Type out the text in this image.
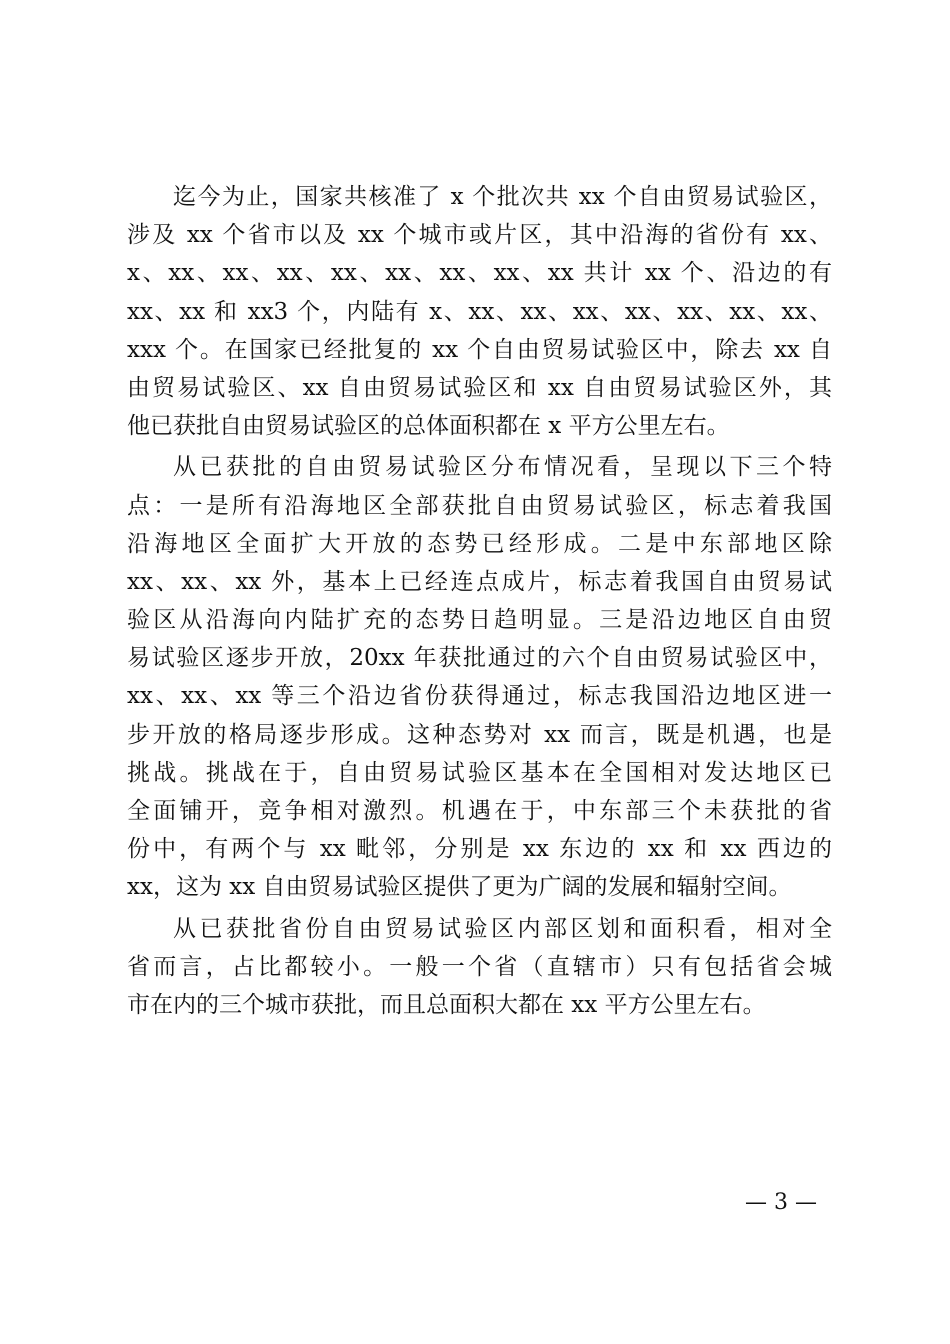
迄今为止，国家共核准了 x 个批次共 xx 个自由贸易试验区，
涉及 xx 个省市以及 xx 个城市或片区，其中沿海的省份有 xx、
x、xx、xx、xx、xx、xx、xx、xx、xx 共计 xx 个、沿边的有
xx、xx 和 xx3 个，内陆有 x、xx、xx、xx、xx、xx、xx、xx、
xxx 个。在国家已经批复的 xx 个自由贸易试验区中，除去 xx 自
由贸易试验区、xx 自由贸易试验区和 xx 自由贸易试验区外，其
他已获批自由贸易试验区的总体面积都在 x 平方公里左右。
从已获批的自由贸易试验区分布情况看，呈现以下三个特
点：一是所有沿海地区全部获批自由贸易试验区，标志着我国
沿海地区全面扩大开放的态势已经形成。二是中东部地区除
xx、xx、xx 外，基本上已经连点成片，标志着我国自由贸易试
验区从沿海向内陆扩充的态势日趋明显。三是沿边地区自由贸
易试验区逐步开放，20xx 年获批通过的六个自由贸易试验区中，
xx、xx、xx 等三个沿边省份获得通过，标志我国沿边地区进一
步开放的格局逐步形成。这种态势对 xx 而言，既是机遇，也是
挑战。挑战在于，自由贸易试验区基本在全国相对发达地区已
全面铺开，竞争相对激烈。机遇在于，中东部三个未获批的省
份中，有两个与 xx 毗邻，分别是 xx 东边的 xx 和 xx 西边的
xx，这为 xx 自由贸易试验区提供了更为广阔的发展和辐射空间。
从已获批省份自由贸易试验区内部区划和面积看，相对全
省而言，占比都较小。一般一个省（直辖市）只有包括省会城
市在内的三个城市获批，而且总面积大都在 xx 平方公里左右。
— 3 —
